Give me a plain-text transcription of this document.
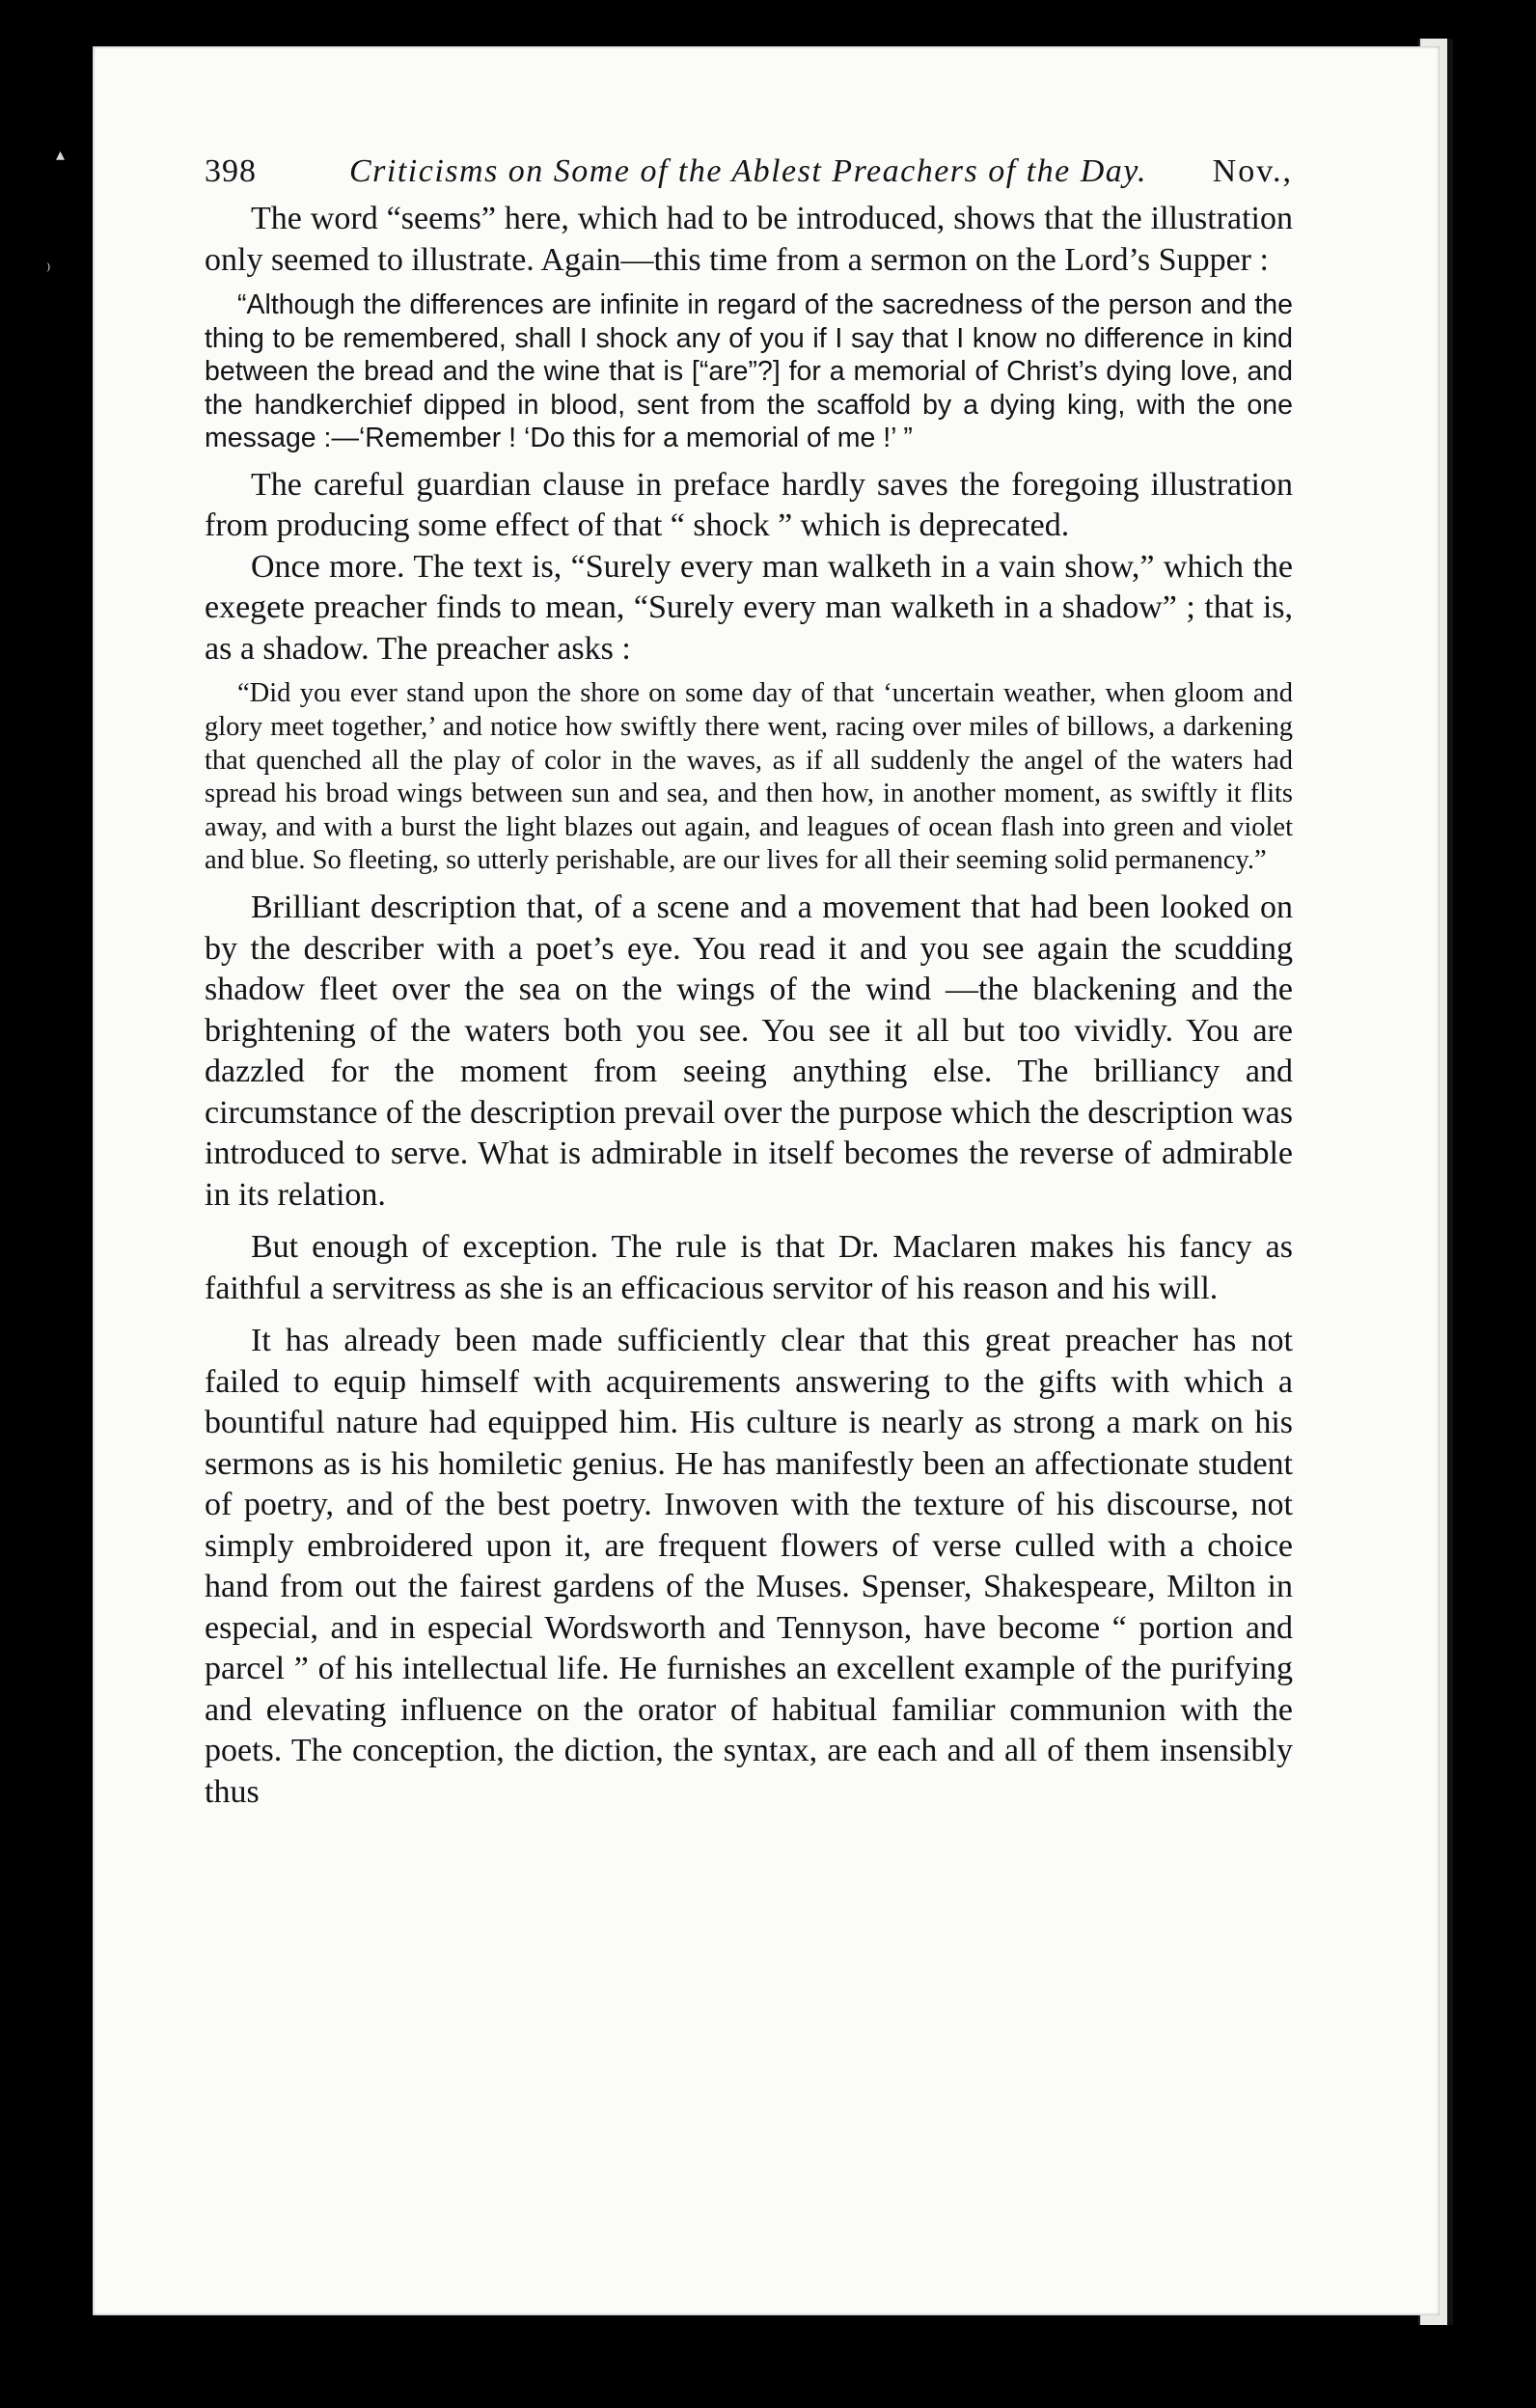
▴
⁾
398	Criticisms on Some of the Ablest Preachers of the Day. Nov.,

The word “seems” here, which had to be introduced, shows that the illustration only seemed to illustrate. Again—this time from a sermon on the Lord’s Supper :

“Although the differences are infinite in regard of the sacredness of the person and the thing to be remembered, shall I shock any of you if I say that I know no difference in kind between the bread and the wine that is [“are”?] for a memorial of Christ’s dying love, and the handkerchief dipped in blood, sent from the scaffold by a dying king, with the one message :—‘Remember ! ‘Do this for a memorial of me !’ ”

The careful guardian clause in preface hardly saves the foregoing illustration from producing some effect of that “ shock ” which is deprecated.

Once more. The text is, “Surely every man walketh in a vain show,” which the exegete preacher finds to mean, “Surely every man walketh in a shadow” ; that is, as a shadow. The preacher asks :

“Did you ever stand upon the shore on some day of that ‘uncertain weather, when gloom and glory meet together,’ and notice how swiftly there went, racing over miles of billows, a darkening that quenched all the play of color in the waves, as if all suddenly the angel of the waters had spread his broad wings between sun and sea, and then how, in another moment, as swiftly it flits away, and with a burst the light blazes out again, and leagues of ocean flash into green and violet and blue. So fleeting, so utterly perishable, are our lives for all their seeming solid permanency.”

Brilliant description that, of a scene and a movement that had been looked on by the describer with a poet’s eye. You read it and you see again the scudding shadow fleet over the sea on the wings of the wind —the blackening and the brightening of the waters both you see. You see it all but too vividly. You are dazzled for the moment from seeing anything else. The brilliancy and circumstance of the description prevail over the purpose which the description was introduced to serve. What is admirable in itself becomes the reverse of admirable in its relation.

But enough of exception. The rule is that Dr. Maclaren makes his fancy as faithful a servitress as she is an efficacious servitor of his reason and his will.

It has already been made sufficiently clear that this great preacher has not failed to equip himself with acquirements answering to the gifts with which a bountiful nature had equipped him. His culture is nearly as strong a mark on his sermons as is his homiletic genius. He has manifestly been an affectionate student of poetry, and of the best poetry. Inwoven with the texture of his discourse, not simply embroidered upon it, are frequent flowers of verse culled with a choice hand from out the fairest gardens of the Muses. Spenser, Shakespeare, Milton in especial, and in especial Wordsworth and Tennyson, have become “ portion and parcel ” of his intellectual life. He furnishes an excellent example of the purifying and elevating influence on the orator of habitual familiar communion with the poets. The conception, the diction, the syntax, are each and all of them insensibly thus
